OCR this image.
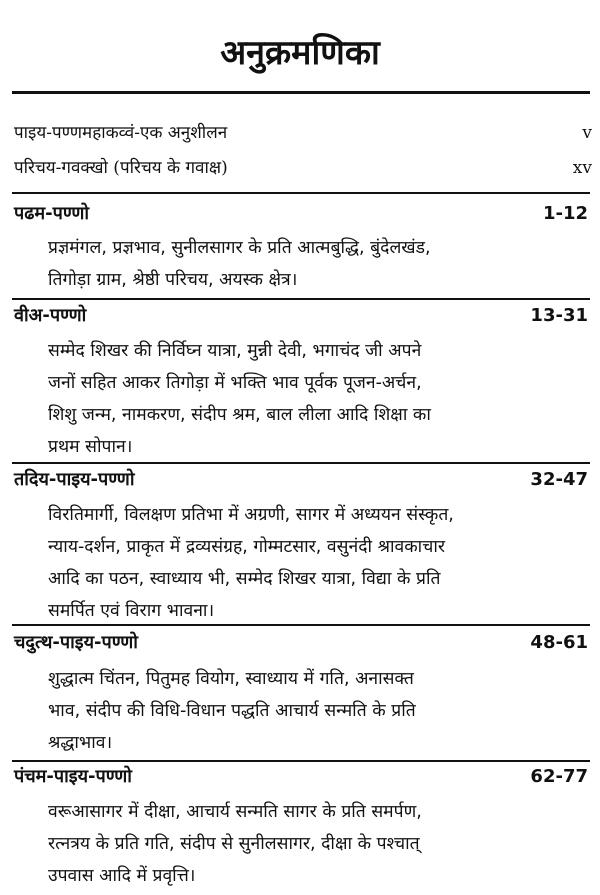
अनुक्रमणिका
पाइय-पण्णमहाकव्वं-एक अनुशीलन	v
परिचय-गवक्खो (परिचय के गवाक्ष)	xv
पढम-पण्णो	1-12
प्रज्ञमंगल, प्रज्ञभाव, सुनीलसागर के प्रति आत्मबुद्धि, बुंदेलखंड,
तिगोड़ा ग्राम, श्रेष्ठी परिचय, अयस्क क्षेत्र।
वीअ-पण्णो	13-31
सम्मेद शिखर की निर्विघ्न यात्रा, मुन्नी देवी, भगाचंद जी अपने
जनों सहित आकर तिगोड़ा में भक्ति भाव पूर्वक पूजन-अर्चन,
शिशु जन्म, नामकरण, संदीप श्रम, बाल लीला आदि शिक्षा का
प्रथम सोपान।
तदिय-पाइय-पण्णो	32-47
विरतिमार्गी, विलक्षण प्रतिभा में अग्रणी, सागर में अध्ययन संस्कृत,
न्याय-दर्शन, प्राकृत में द्रव्यसंग्रह, गोम्मटसार, वसुनंदी श्रावकाचार
आदि का पठन, स्वाध्याय भी, सम्मेद शिखर यात्रा, विद्या के प्रति
समर्पित एवं विराग भावना।
चदुत्थ-पाइय-पण्णो	48-61
शुद्धात्म चिंतन, पितुमह वियोग, स्वाध्याय में गति, अनासक्त
भाव, संदीप की विधि-विधान पद्धति आचार्य सन्मति के प्रति
श्रद्धाभाव।
पंचम-पाइय-पण्णो	62-77
वरूआसागर में दीक्षा, आचार्य सन्मति सागर के प्रति समर्पण,
रत्नत्रय के प्रति गति, संदीप से सुनीलसागर, दीक्षा के पश्चात्
उपवास आदि में प्रवृत्ति।
